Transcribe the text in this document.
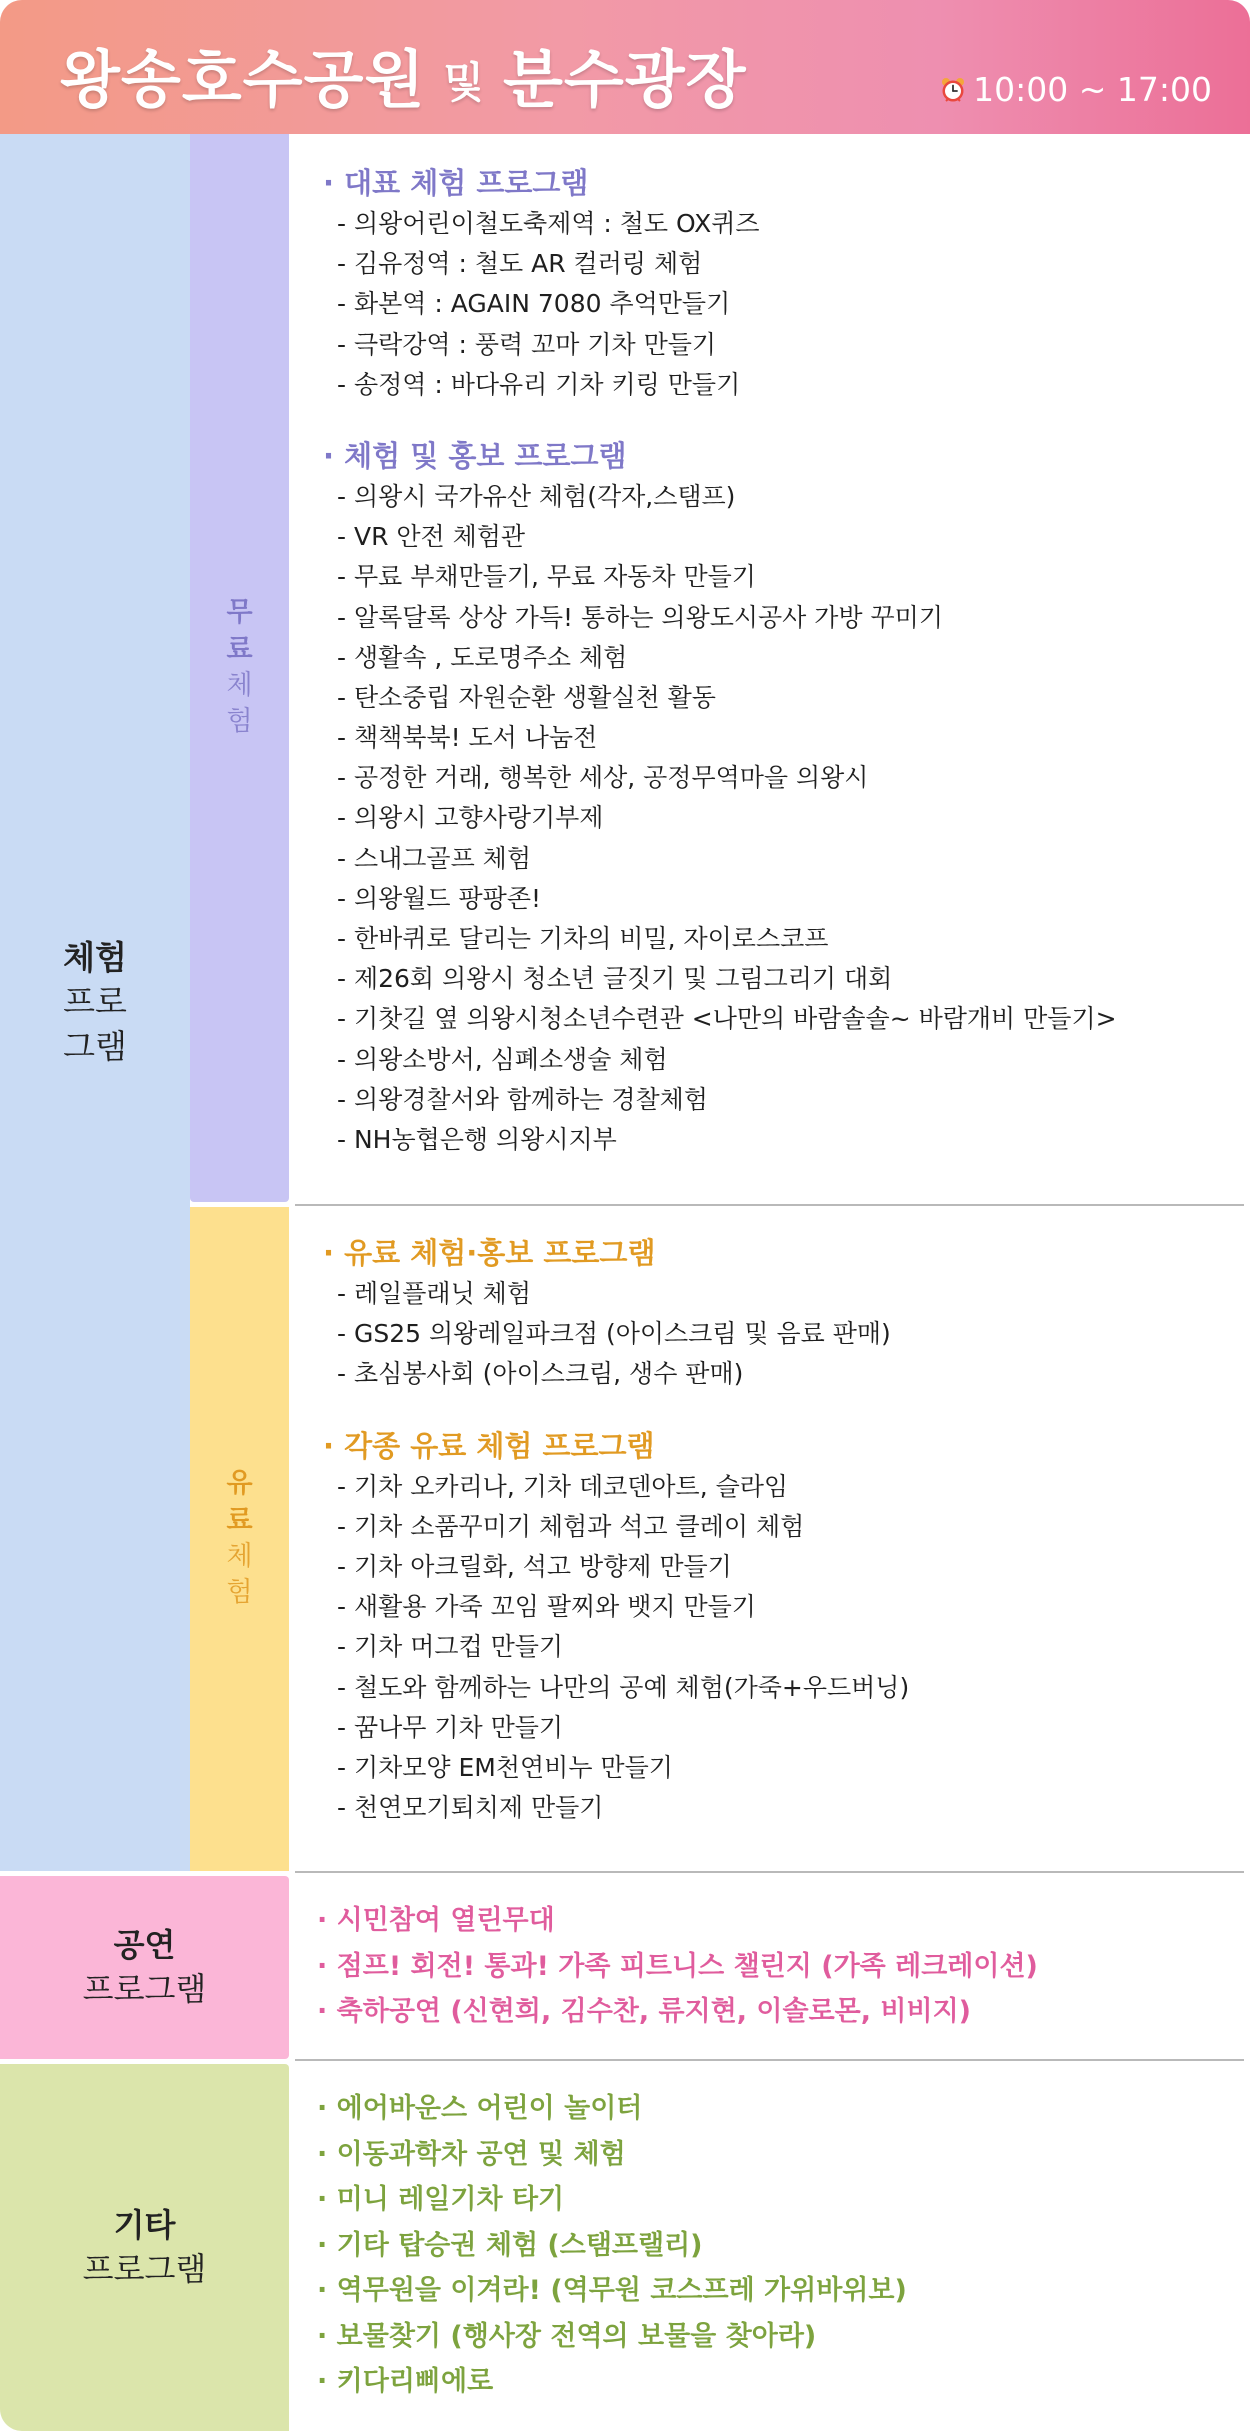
왕송호수공원 및 분수광장	10:00 ~ 17:00
체험
프로
그램
무
료
체
험
유
료
체
험
· 대표 체험 프로그램
- 의왕어린이철도축제역 : 철도 OX퀴즈
- 김유정역 : 철도 AR 컬러링 체험
- 화본역 : AGAIN 7080 추억만들기
- 극락강역 : 풍력 꼬마 기차 만들기
- 송정역 : 바다유리 기차 키링 만들기
· 체험 및 홍보 프로그램
- 의왕시 국가유산 체험(각자,스탬프)
- VR 안전 체험관
- 무료 부채만들기, 무료 자동차 만들기
- 알록달록 상상 가득! 통하는 의왕도시공사 가방 꾸미기
- 생활속 , 도로명주소 체험
- 탄소중립 자원순환 생활실천 활동
- 책책북북! 도서 나눔전
- 공정한 거래, 행복한 세상, 공정무역마을 의왕시
- 의왕시 고향사랑기부제
- 스내그골프 체험
- 의왕월드 팡팡존!
- 한바퀴로 달리는 기차의 비밀, 자이로스코프
- 제26회 의왕시 청소년 글짓기 및 그림그리기 대회
- 기찻길 옆 의왕시청소년수련관 <나만의 바람솔솔~ 바람개비 만들기>
- 의왕소방서, 심폐소생술 체험
- 의왕경찰서와 함께하는 경찰체험
- NH농협은행 의왕시지부
· 유료 체험·홍보 프로그램
- 레일플래닛 체험
- GS25 의왕레일파크점 (아이스크림 및 음료 판매)
- 초심봉사회 (아이스크림, 생수 판매)
· 각종 유료 체험 프로그램
- 기차 오카리나, 기차 데코덴아트, 슬라임
- 기차 소품꾸미기 체험과 석고 클레이 체험
- 기차 아크릴화, 석고 방향제 만들기
- 새활용 가죽 꼬임 팔찌와 뱃지 만들기
- 기차 머그컵 만들기
- 철도와 함께하는 나만의 공예 체험(가죽+우드버닝)
- 꿈나무 기차 만들기
- 기차모양 EM천연비누 만들기
- 천연모기퇴치제 만들기
공연
프로그램
· 시민참여 열린무대
· 점프! 회전! 통과! 가족 피트니스 챌린지 (가족 레크레이션)
· 축하공연 (신현희, 김수찬, 류지현, 이솔로몬, 비비지)
기타
프로그램
· 에어바운스 어린이 놀이터
· 이동과학차 공연 및 체험
· 미니 레일기차 타기
· 기타 탑승권 체험 (스탬프랠리)
· 역무원을 이겨라! (역무원 코스프레 가위바위보)
· 보물찾기 (행사장 전역의 보물을 찾아라)
· 키다리삐에로
